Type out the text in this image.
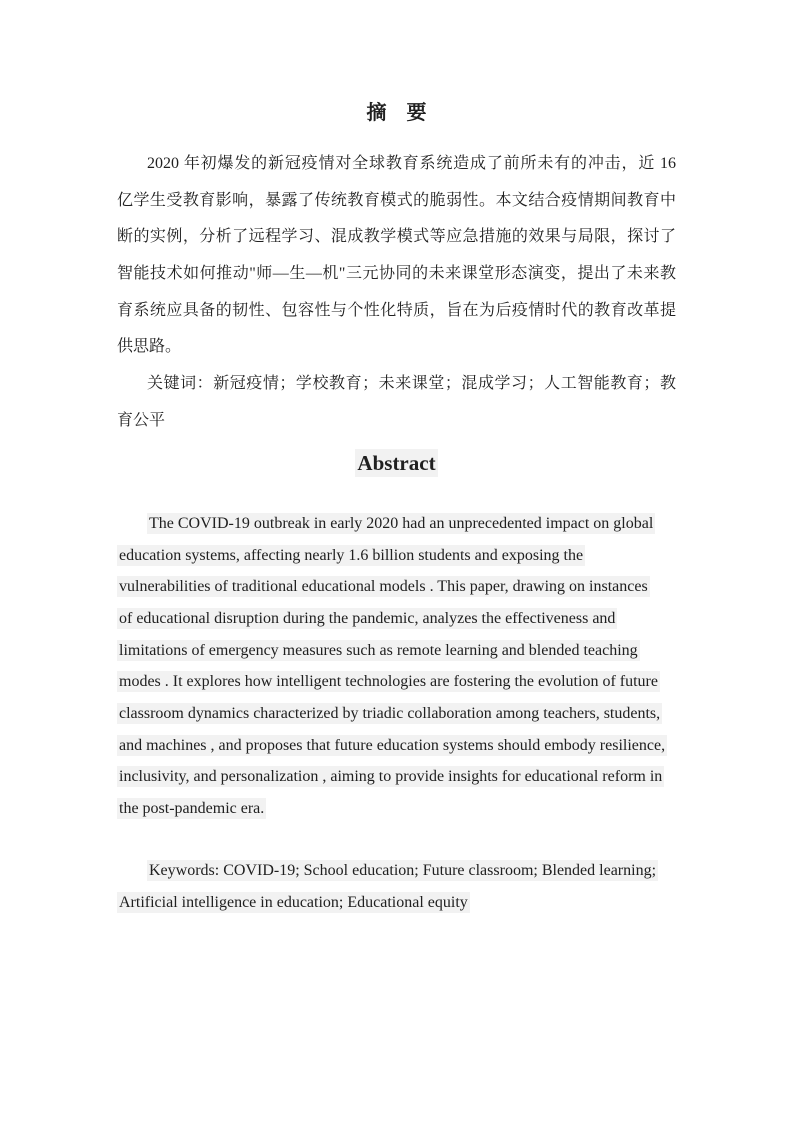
摘　要
2020 年初爆发的新冠疫情对全球教育系统造成了前所未有的冲击，近 16
亿学生受教育影响，暴露了传统教育模式的脆弱性。本文结合疫情期间教育中
断的实例，分析了远程学习、混成教学模式等应急措施的效果与局限，探讨了
智能技术如何推动"师—生—机"三元协同的未来课堂形态演变，提出了未来教
育系统应具备的韧性、包容性与个性化特质，旨在为后疫情时代的教育改革提
供思路。
关键词：新冠疫情；学校教育；未来课堂；混成学习；人工智能教育；教
育公平
Abstract
The COVID-19 outbreak in early 2020 had an unprecedented impact on global
education systems, affecting nearly 1.6 billion students and exposing the
vulnerabilities of traditional educational models . This paper, drawing on instances
of educational disruption during the pandemic, analyzes the effectiveness and
limitations of emergency measures such as remote learning and blended teaching
modes . It explores how intelligent technologies are fostering the evolution of future
classroom dynamics characterized by triadic collaboration among teachers, students,
and machines , and proposes that future education systems should embody resilience,
inclusivity, and personalization , aiming to provide insights for educational reform in
the post-pandemic era.
Keywords: COVID-19; School education; Future classroom; Blended learning;
Artificial intelligence in education; Educational equity
